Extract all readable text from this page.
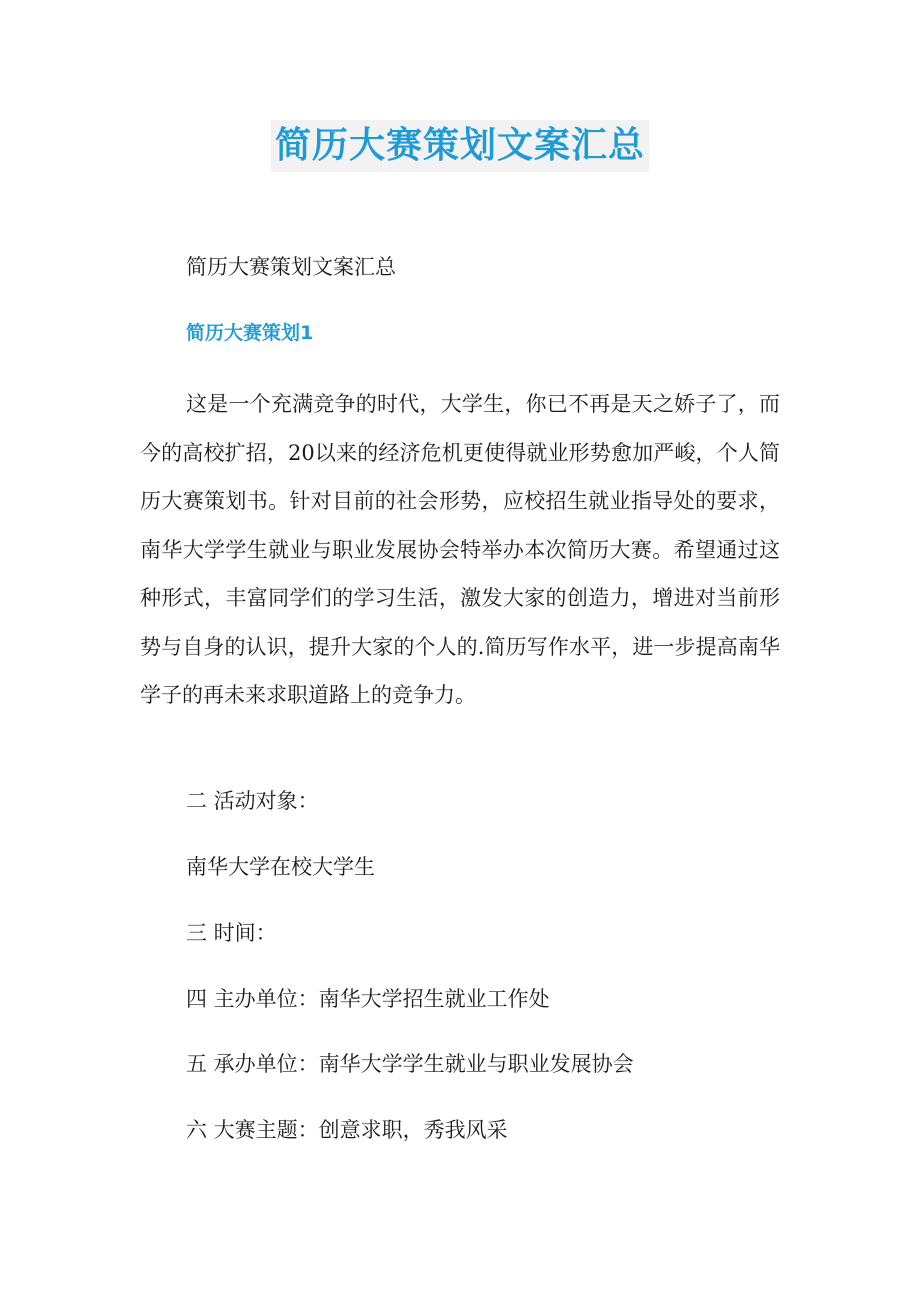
简历大赛策划文案汇总
简历大赛策划文案汇总
简历大赛策划1
这是一个充满竞争的时代，大学生，你已不再是天之娇子了，而今的高校扩招，20以来的经济危机更使得就业形势愈加严峻，个人简历大赛策划书。针对目前的社会形势，应校招生就业指导处的要求，南华大学学生就业与职业发展协会特举办本次简历大赛。希望通过这种形式，丰富同学们的学习生活，激发大家的创造力，增进对当前形势与自身的认识，提升大家的个人的.简历写作水平，进一步提高南华学子的再未来求职道路上的竞争力。
二 活动对象：
南华大学在校大学生
三 时间：
四 主办单位：南华大学招生就业工作处
五 承办单位：南华大学学生就业与职业发展协会
六 大赛主题：创意求职，秀我风采
